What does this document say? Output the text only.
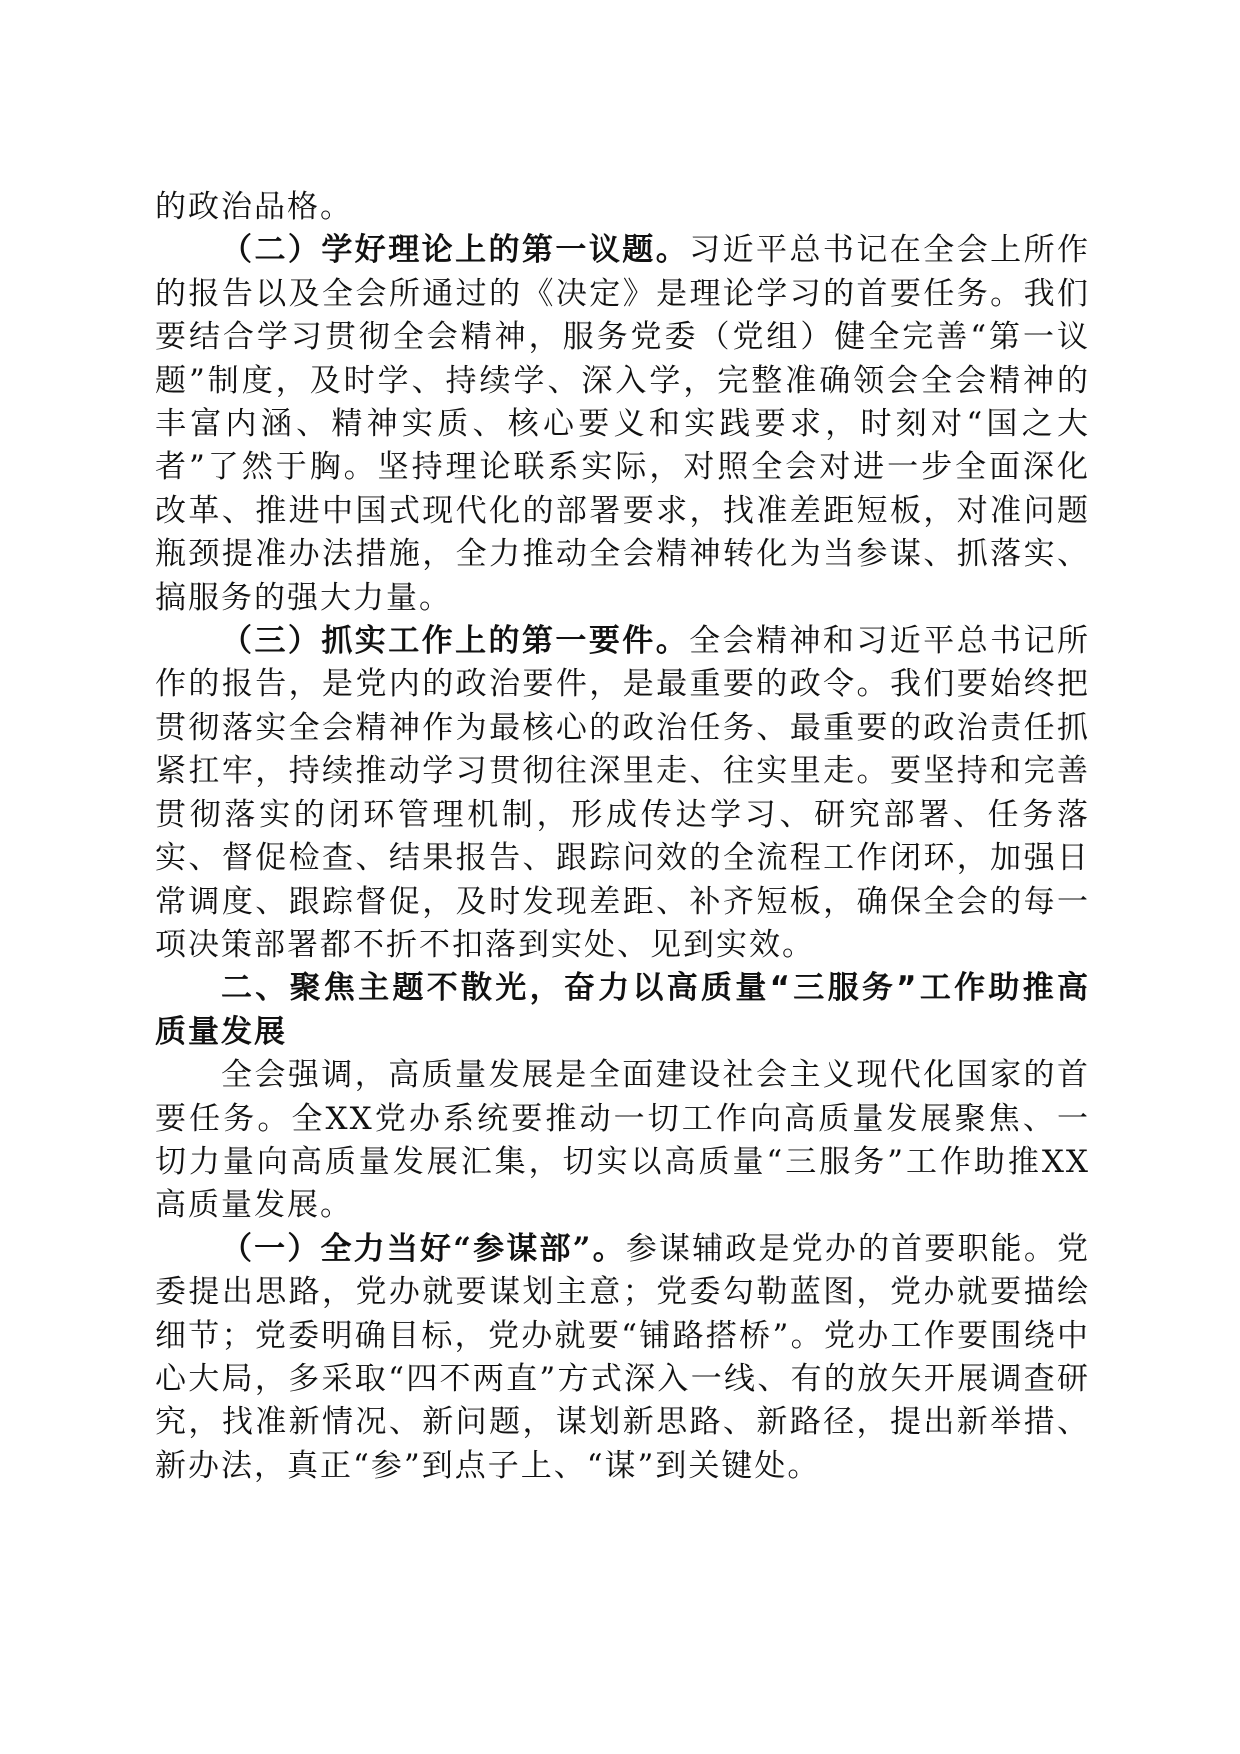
的政治品格。

（二）学好理论上的第一议题。习近平总书记在全会上所作的报告以及全会所通过的《决定》是理论学习的首要任务。我们要结合学习贯彻全会精神，服务党委（党组）健全完善“第一议题”制度，及时学、持续学、深入学，完整准确领会全会精神的丰富内涵、精神实质、核心要义和实践要求，时刻对“国之大者”了然于胸。坚持理论联系实际，对照全会对进一步全面深化改革、推进中国式现代化的部署要求，找准差距短板，对准问题瓶颈提准办法措施，全力推动全会精神转化为当参谋、抓落实、搞服务的强大力量。

（三）抓实工作上的第一要件。全会精神和习近平总书记所作的报告，是党内的政治要件，是最重要的政令。我们要始终把贯彻落实全会精神作为最核心的政治任务、最重要的政治责任抓紧扛牢，持续推动学习贯彻往深里走、往实里走。要坚持和完善贯彻落实的闭环管理机制，形成传达学习、研究部署、任务落实、督促检查、结果报告、跟踪问效的全流程工作闭环，加强日常调度、跟踪督促，及时发现差距、补齐短板，确保全会的每一项决策部署都不折不扣落到实处、见到实效。

二、聚焦主题不散光，奋力以高质量“三服务”工作助推高质量发展

全会强调，高质量发展是全面建设社会主义现代化国家的首要任务。全XX党办系统要推动一切工作向高质量发展聚焦、一切力量向高质量发展汇集，切实以高质量“三服务”工作助推XX高质量发展。

（一）全力当好“参谋部”。参谋辅政是党办的首要职能。党委提出思路，党办就要谋划主意；党委勾勒蓝图，党办就要描绘细节；党委明确目标，党办就要“铺路搭桥”。党办工作要围绕中心大局，多采取“四不两直”方式深入一线、有的放矢开展调查研究，找准新情况、新问题，谋划新思路、新路径，提出新举措、新办法，真正“参”到点子上、“谋”到关键处。
